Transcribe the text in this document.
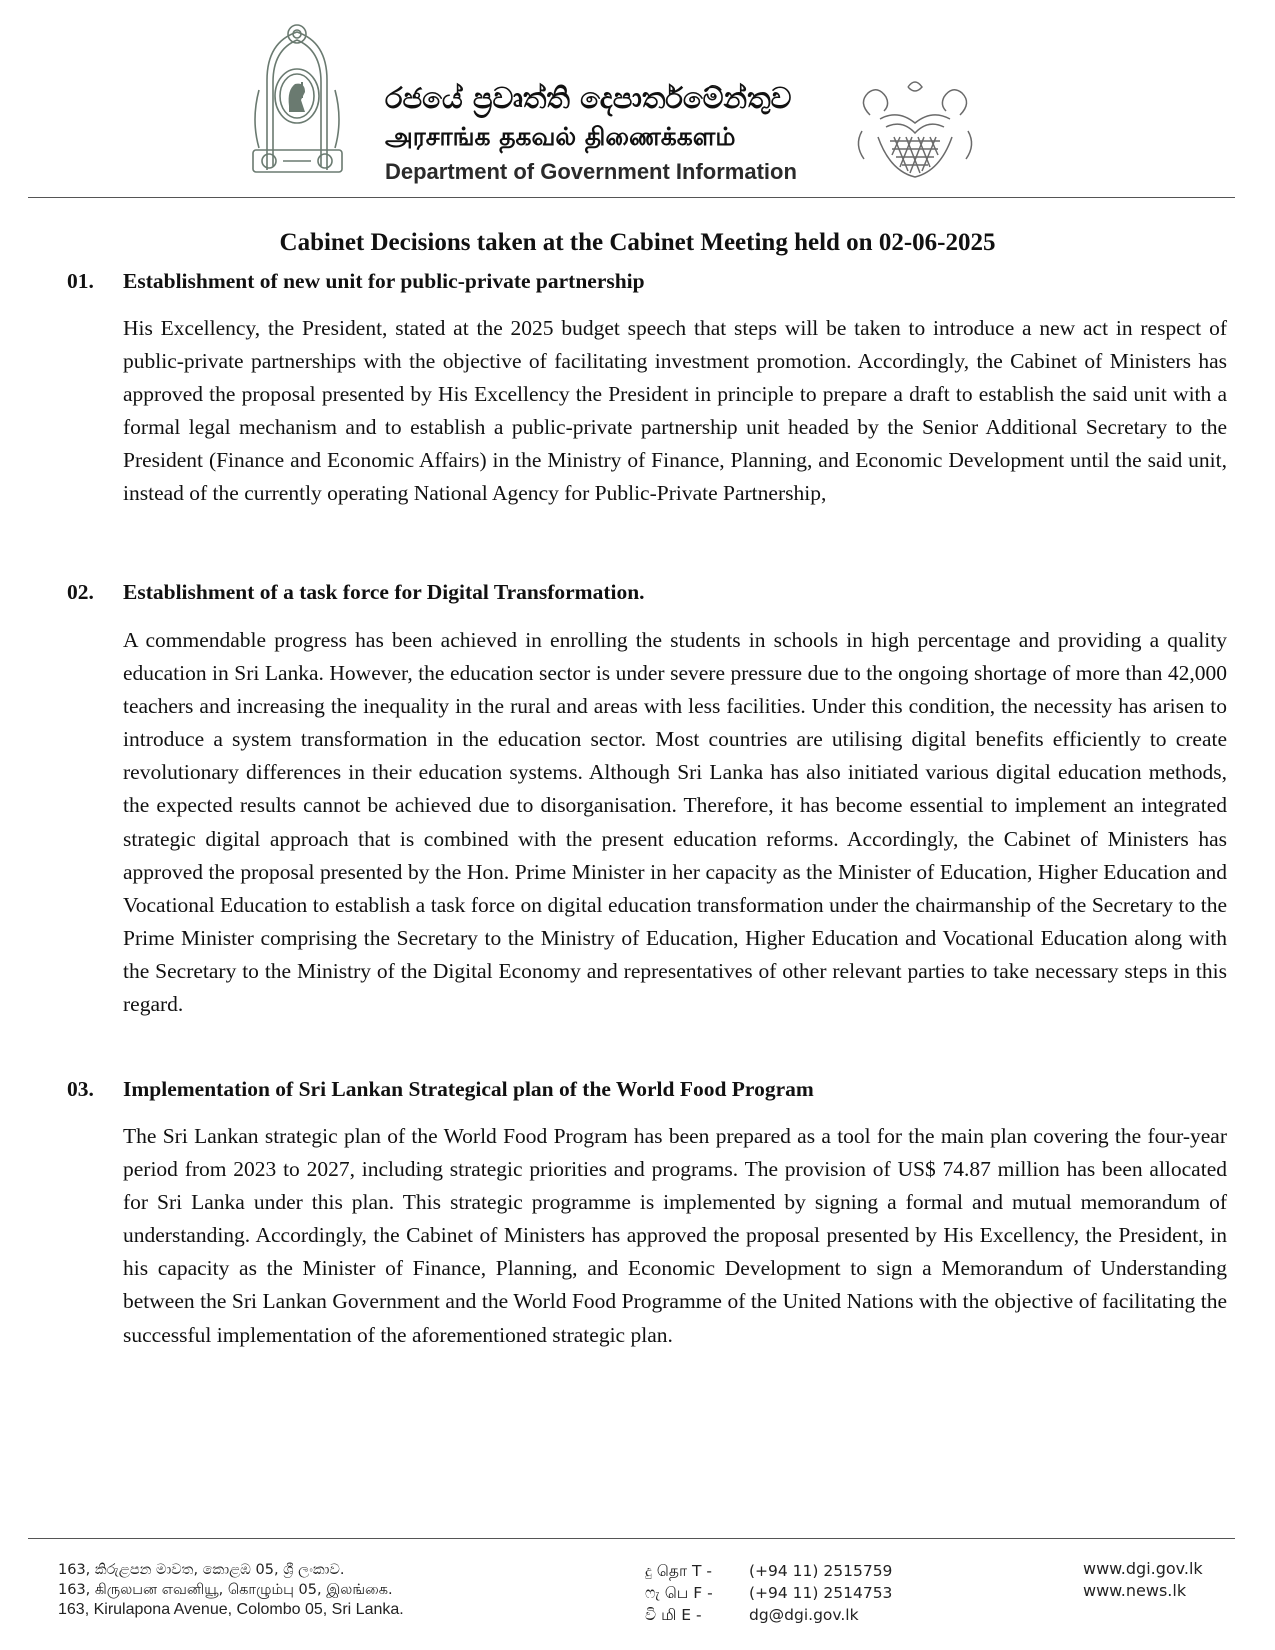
රජයේ ප්‍රවෘත්ති දෙපාර්තමේන්තුව
அரசாங்க தகவல் திணைக்களம்
Department of Government Information
Cabinet Decisions taken at the Cabinet Meeting held on 02-06-2025
01. Establishment of new unit for public-private partnership

His Excellency, the President, stated at the 2025 budget speech that steps will be taken to introduce a new act in respect of public-private partnerships with the objective of facilitating investment promotion. Accordingly, the Cabinet of Ministers has approved the proposal presented by His Excellency the President in principle to prepare a draft to establish the said unit with a formal legal mechanism and to establish a public-private partnership unit headed by the Senior Additional Secretary to the President (Finance and Economic Affairs) in the Ministry of Finance, Planning, and Economic Development until the said unit, instead of the currently operating National Agency for Public-Private Partnership,

02. Establishment of a task force for Digital Transformation.

A commendable progress has been achieved in enrolling the students in schools in high percentage and providing a quality education in Sri Lanka. However, the education sector is under severe pressure due to the ongoing shortage of more than 42,000 teachers and increasing the inequality in the rural and areas with less facilities. Under this condition, the necessity has arisen to introduce a system transformation in the education sector. Most countries are utilising digital benefits efficiently to create revolutionary differences in their education systems. Although Sri Lanka has also initiated various digital education methods, the expected results cannot be achieved due to disorganisation. Therefore, it has become essential to implement an integrated strategic digital approach that is combined with the present education reforms. Accordingly, the Cabinet of Ministers has approved the proposal presented by the Hon. Prime Minister in her capacity as the Minister of Education, Higher Education and Vocational Education to establish a task force on digital education transformation under the chairmanship of the Secretary to the Prime Minister comprising the Secretary to the Ministry of Education, Higher Education and Vocational Education along with the Secretary to the Ministry of the Digital Economy and representatives of other relevant parties to take necessary steps in this regard.

03. Implementation of Sri Lankan Strategical plan of the World Food Program

The Sri Lankan strategic plan of the World Food Program has been prepared as a tool for the main plan covering the four-year period from 2023 to 2027, including strategic priorities and programs. The provision of US$ 74.87 million has been allocated for Sri Lanka under this plan. This strategic programme is implemented by signing a formal and mutual memorandum of understanding. Accordingly, the Cabinet of Ministers has approved the proposal presented by His Excellency, the President, in his capacity as the Minister of Finance, Planning, and Economic Development to sign a Memorandum of Understanding between the Sri Lankan Government and the World Food Programme of the United Nations with the objective of facilitating the successful implementation of the aforementioned strategic plan.

163, කිරුළපන මාවත, කොළඹ 05, ශ්‍රී ලංකාව.
163, கிருலபன எவனியூ, கொழும்பு 05, இலங்கை.
163, Kirulapona Avenue, Colombo 05, Sri Lanka.
දු தொ T - (+94 11) 2515759
ෆැ பெ F - (+94 11) 2514753
වි மி E -	dg@dgi.gov.lk
www.dgi.gov.lk
www.news.lk
